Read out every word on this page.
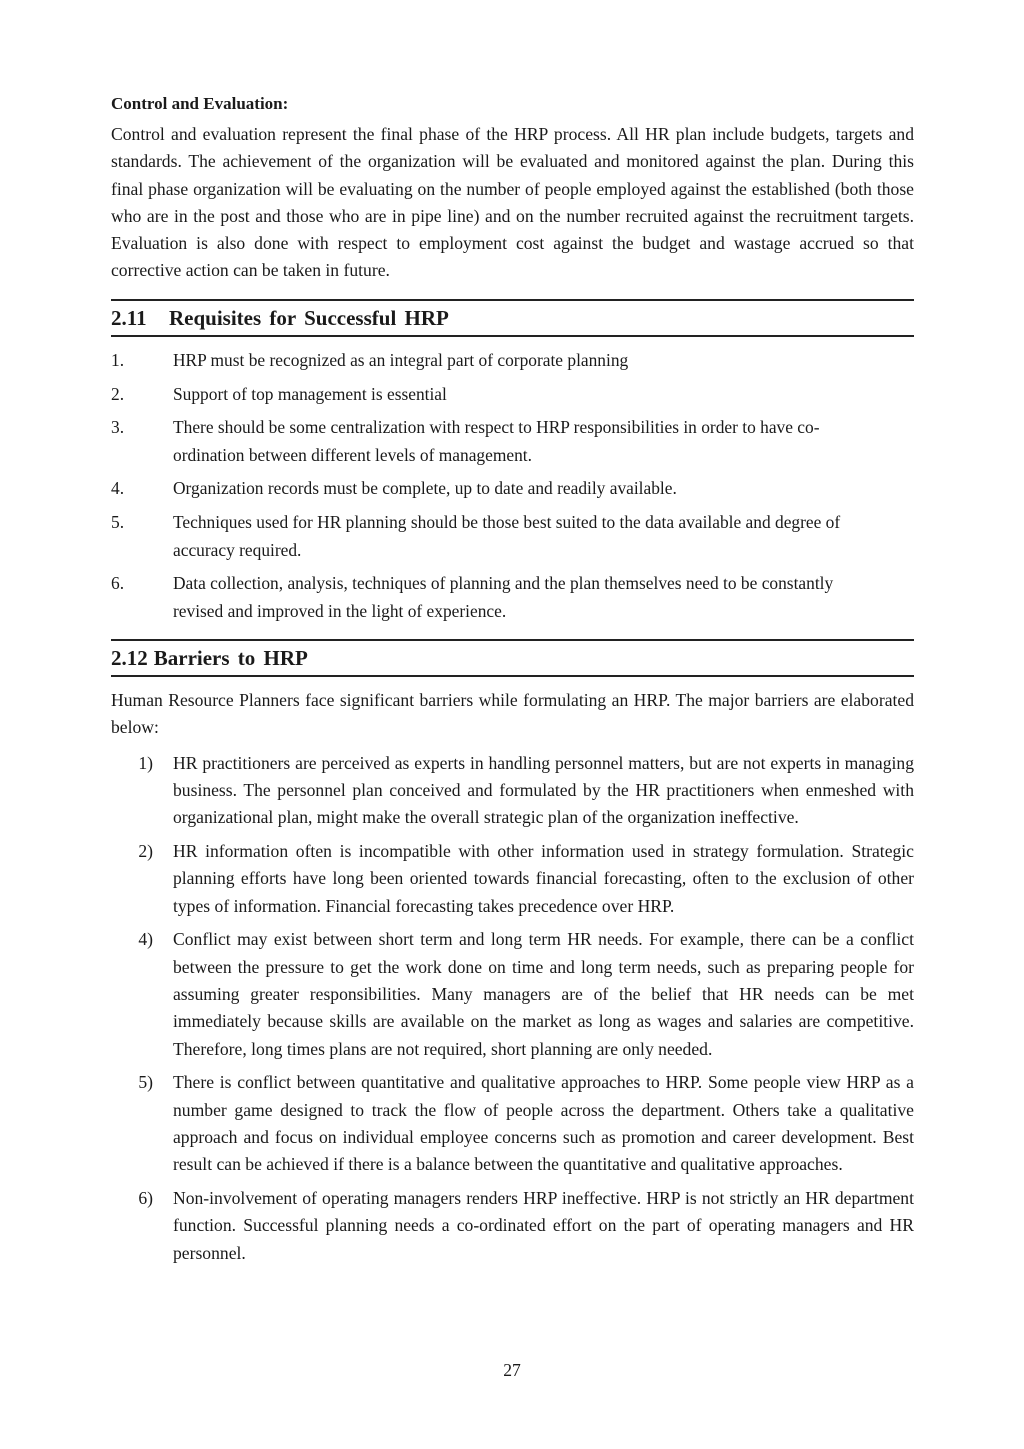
Control and Evaluation:

Control and evaluation represent the final phase of the HRP process. All HR plan include budgets, targets and standards. The achievement of the organization will be evaluated and monitored against the plan. During this final phase organization will be evaluating on the number of people employed against the established (both those who are in the post and those who are in pipe line) and on the number recruited against the recruitment targets. Evaluation is also done with respect to employment cost against the budget and wastage accrued so that corrective action can be taken in future.

2.11 Requisites for Successful HRP
1.	HRP must be recognized as an integral part of corporate planning
2.	Support of top management is essential
3.	There should be some centralization with respect to HRP responsibilities in order to have co-ordination between different levels of management.
4.	Organization records must be complete, up to date and readily available.
5.	Techniques used for HR planning should be those best suited to the data available and degree of accuracy required.
6.	Data collection, analysis, techniques of planning and the plan themselves need to be constantly revised and improved in the light of experience.
2.12 Barriers to HRP

Human Resource Planners face significant barriers while formulating an HRP. The major barriers are elaborated below:

1)	HR practitioners are perceived as experts in handling personnel matters, but are not experts in managing business. The personnel plan conceived and formulated by the HR practitioners when enmeshed with organizational plan, might make the overall strategic plan of the organization ineffective.
2)	HR information often is incompatible with other information used in strategy formulation. Strategic planning efforts have long been oriented towards financial forecasting, often to the exclusion of other types of information. Financial forecasting takes precedence over HRP.
4)	Conflict may exist between short term and long term HR needs. For example, there can be a conflict between the pressure to get the work done on time and long term needs, such as preparing people for assuming greater responsibilities. Many managers are of the belief that HR needs can be met immediately because skills are available on the market as long as wages and salaries are competitive. Therefore, long times plans are not required, short planning are only needed.
5)	There is conflict between quantitative and qualitative approaches to HRP. Some people view HRP as a number game designed to track the flow of people across the department. Others take a qualitative approach and focus on individual employee concerns such as promotion and career development. Best result can be achieved if there is a balance between the quantitative and qualitative approaches.
6)	Non-involvement of operating managers renders HRP ineffective. HRP is not strictly an HR department function. Successful planning needs a co-ordinated effort on the part of operating managers and HR personnel.
27
